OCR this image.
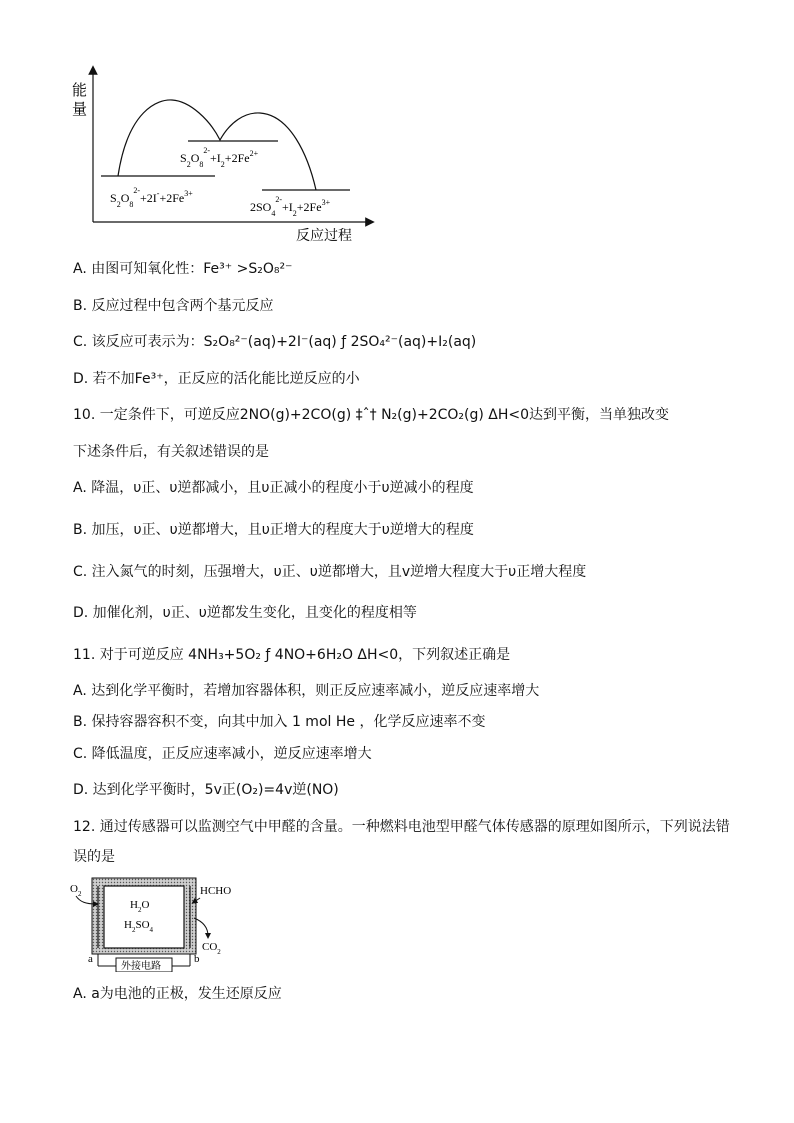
能
量
反应过程
$S_2O_8^{2-}+I_2+2Fe^{2+}$
$S_2O_8^{2-}+2I^-+2Fe^{3+}$
$2SO_4^{2-}+I_2+2Fe^{3+}$
A. 由图可知氧化性：Fe³⁺ >S₂O₈²⁻
B. 反应过程中包含两个基元反应
C. 该反应可表示为：S₂O₈²⁻(aq)+2I⁻(aq) ƒ 2SO₄²⁻(aq)+I₂(aq)
D. 若不加Fe³⁺，正反应的活化能比逆反应的小
10. 一定条件下，可逆反应2NO(g)+2CO(g) ‡ˆ† N₂(g)+2CO₂(g) ΔH<0达到平衡，当单独改变
下述条件后，有关叙述错误的是
A. 降温，υ正、υ逆都减小，且υ正减小的程度小于υ逆减小的程度
B. 加压，υ正、υ逆都增大，且υ正增大的程度大于υ逆增大的程度
C. 注入氮气的时刻，压强增大，υ正、υ逆都增大，且v逆增大程度大于υ正增大程度
D. 加催化剂，υ正、υ逆都发生变化，且变化的程度相等
11. 对于可逆反应 4NH₃+5O₂ ƒ 4NO+6H₂O ΔH<0，下列叙述正确是
A. 达到化学平衡时，若增加容器体积，则正反应速率减小，逆反应速率增大
B. 保持容器容积不变，向其中加入 1 mol He ，化学反应速率不变
C. 降低温度，正反应速率减小，逆反应速率增大
D. 达到化学平衡时，5v正(O₂)=4v逆(NO)
12. 通过传感器可以监测空气中甲醛的含量。一种燃料电池型甲醛气体传感器的原理如图所示，下列说法错
误的是
$O_2$	HCHO
$CO_2$
$H_2O$
$H_2SO_4$
外接电路
a	b
A. a为电池的正极，发生还原反应
